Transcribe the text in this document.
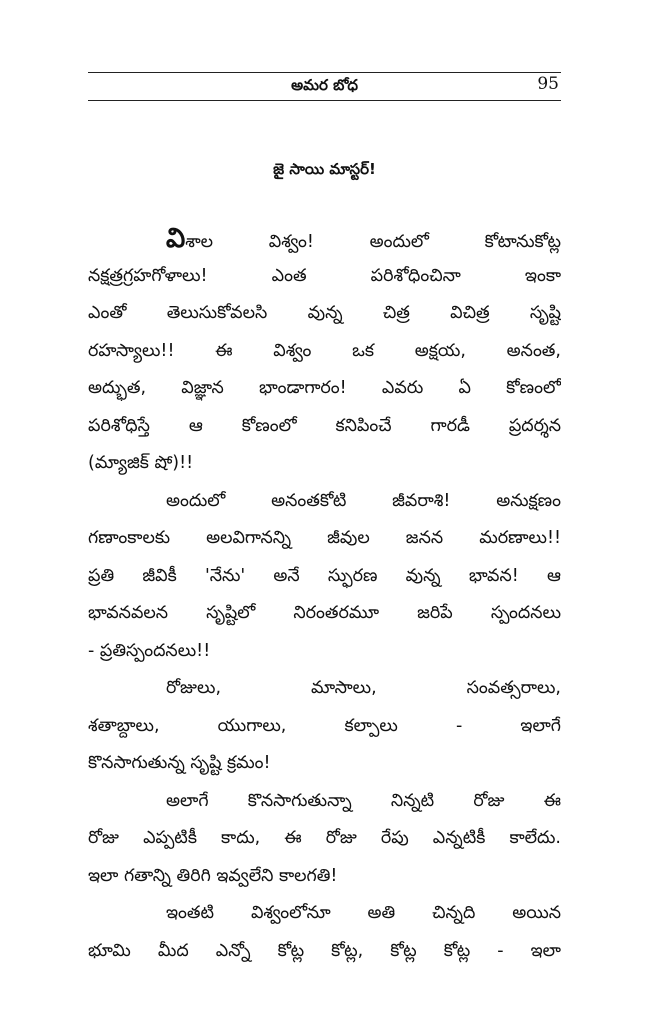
అమర బోధ	95
జై సాయి మాస్టర్!
విశాల విశ్వం! అందులో కోటానుకోట్ల
నక్షత్రగ్రహగోళాలు! ఎంత పరిశోధించినా ఇంకా
ఎంతో తెలుసుకోవలసి వున్న చిత్ర విచిత్ర సృష్టి
రహస్యాలు!! ఈ విశ్వం ఒక అక్షయ, అనంత,
అద్భుత, విజ్ఞాన భాండాగారం! ఎవరు ఏ కోణంలో
పరిశోధిస్తే ఆ కోణంలో కనిపించే గారడీ ప్రదర్శన
(మ్యాజిక్ షో)!!
అందులో అనంతకోటి జీవరాశి! అనుక్షణం
గణాంకాలకు అలవిగానన్ని జీవుల జనన మరణాలు!!
ప్రతి జీవికీ 'నేను' అనే స్ఫురణ వున్న భావన! ఆ
భావనవలన సృష్టిలో నిరంతరమూ జరిపే స్పందనలు
- ప్రతిస్పందనలు!!
రోజులు, మాసాలు, సంవత్సరాలు,
శతాబ్దాలు, యుగాలు, కల్పాలు - ఇలాగే
కొనసాగుతున్న సృష్టి క్రమం!
అలాగే కొనసాగుతున్నా నిన్నటి రోజు ఈ
రోజు ఎప్పటికీ కాదు, ఈ రోజు రేపు ఎన్నటికీ కాలేదు.
ఇలా గతాన్ని తిరిగి ఇవ్వలేని కాలగతి!
ఇంతటి విశ్వంలోనూ అతి చిన్నది అయిన
భూమి మీద ఎన్నో కోట్ల కోట్ల, కోట్ల కోట్ల - ఇలా
